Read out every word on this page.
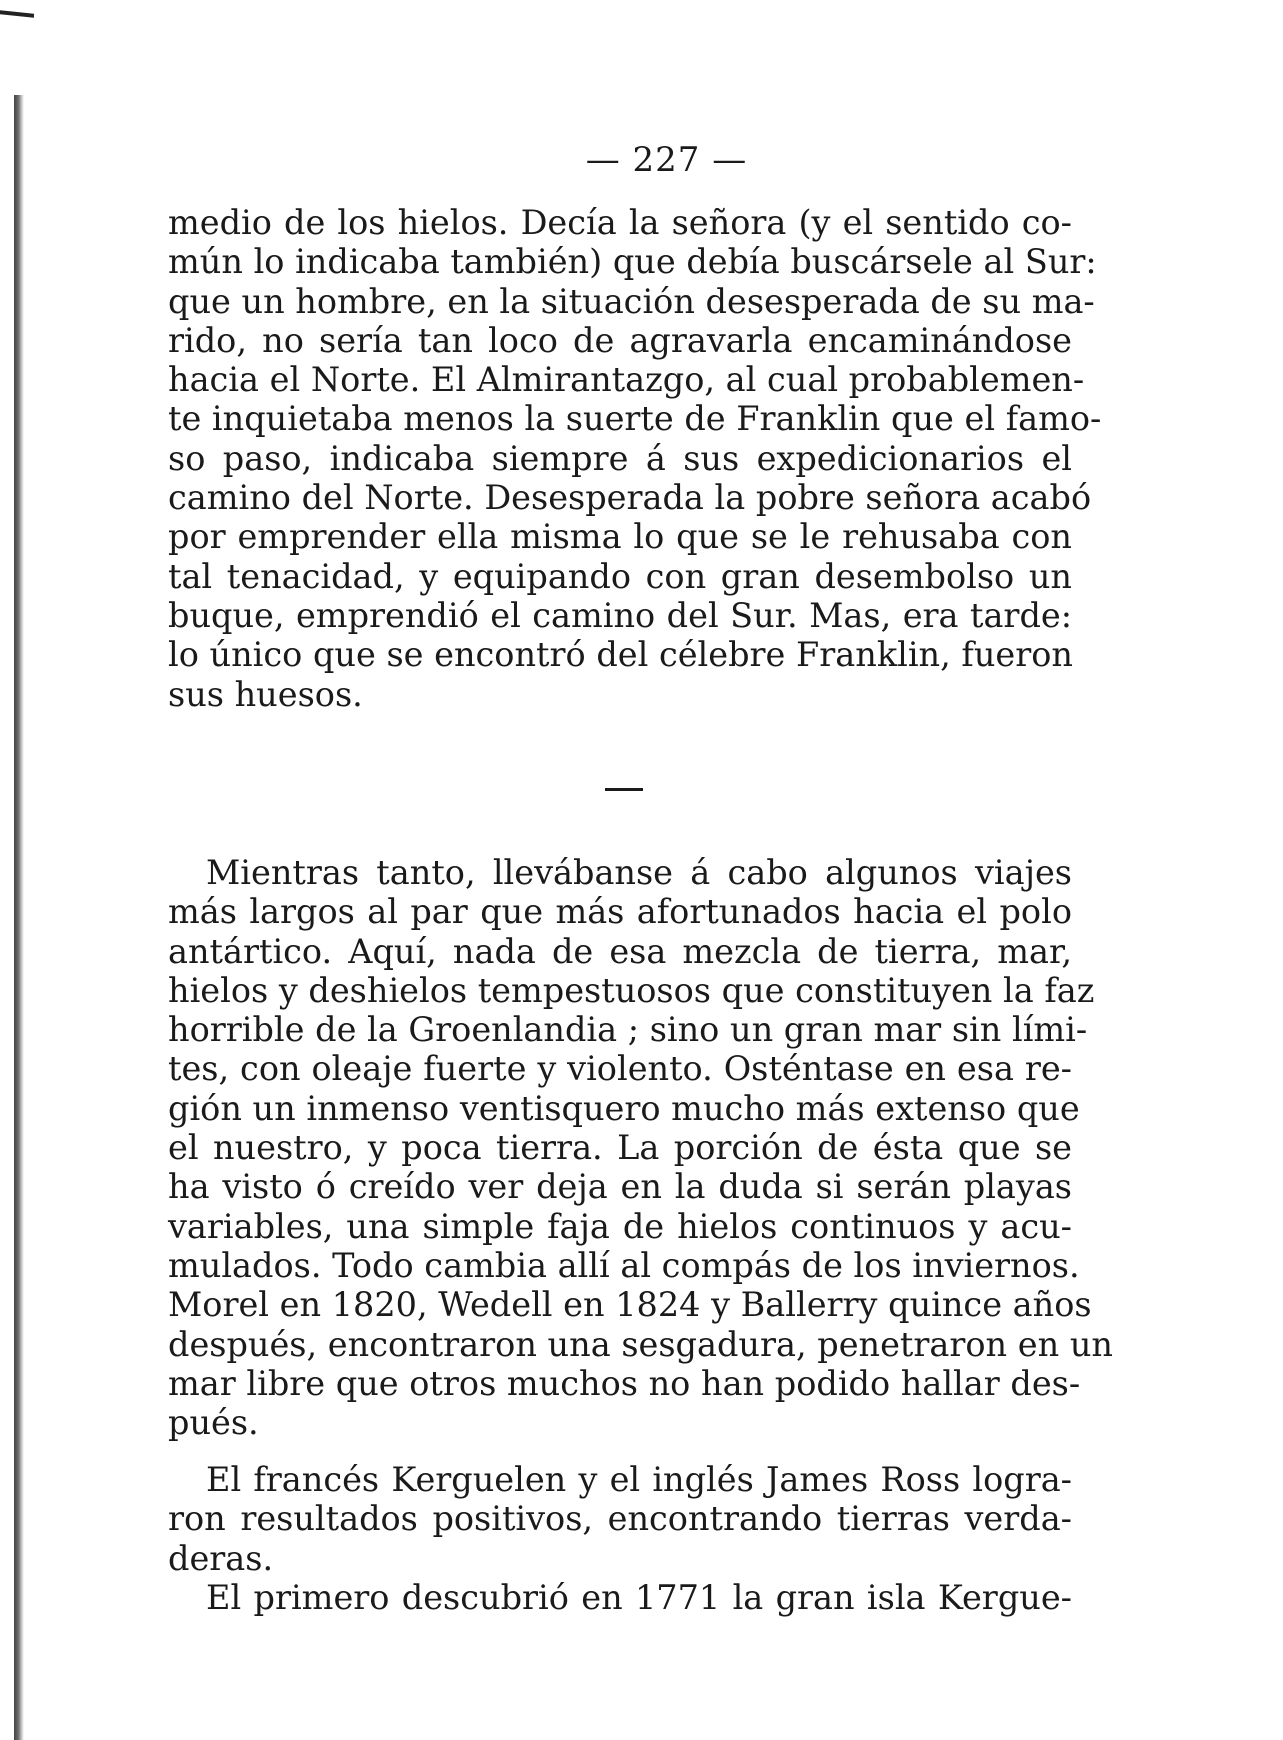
— 227 —
medio de los hielos. Decía la señora (y el sentido co-
mún lo indicaba también) que debía buscársele al Sur:
que un hombre, en la situación desesperada de su ma-
rido, no sería tan loco de agravarla encaminándose
hacia el Norte. El Almirantazgo, al cual probablemen-
te inquietaba menos la suerte de Franklin que el famo-
so paso, indicaba siempre á sus expedicionarios el
camino del Norte. Desesperada la pobre señora acabó
por emprender ella misma lo que se le rehusaba con
tal tenacidad, y equipando con gran desembolso un
buque, emprendió el camino del Sur. Mas, era tarde:
lo único que se encontró del célebre Franklin, fueron
sus huesos.
Mientras tanto, llevábanse á cabo algunos viajes
más largos al par que más afortunados hacia el polo
antártico. Aquí, nada de esa mezcla de tierra, mar,
hielos y deshielos tempestuosos que constituyen la faz
horrible de la Groenlandia ; sino un gran mar sin lími-
tes, con oleaje fuerte y violento. Osténtase en esa re-
gión un inmenso ventisquero mucho más extenso que
el nuestro, y poca tierra. La porción de ésta que se
ha visto ó creído ver deja en la duda si serán playas
variables, una simple faja de hielos continuos y acu-
mulados. Todo cambia allí al compás de los inviernos.
Morel en 1820, Wedell en 1824 y Ballerry quince años
después, encontraron una sesgadura, penetraron en un
mar libre que otros muchos no han podido hallar des-
pués.
El francés Kerguelen y el inglés James Ross logra-
ron resultados positivos, encontrando tierras verda-
deras.
El primero descubrió en 1771 la gran isla Kergue-
